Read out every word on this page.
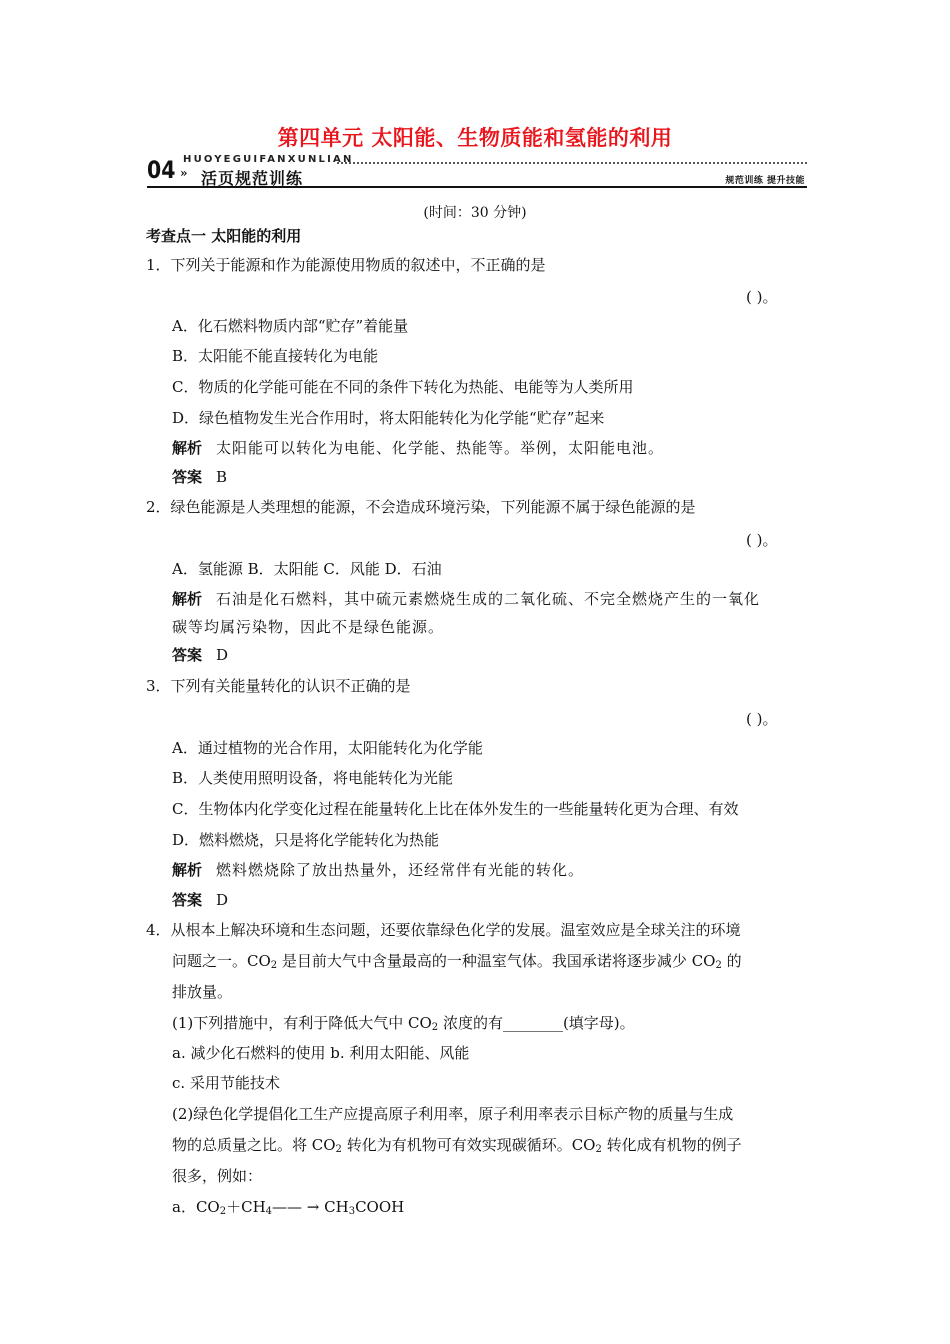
第四单元 太阳能、生物质能和氢能的利用
HUOYEGUIFANXUNLIAN
04 » 活页规范训练	规范训练 提升技能
(时间：30 分钟)
考查点一 太阳能的利用
1．下列关于能源和作为能源使用物质的叙述中，不正确的是
( )。
A．化石燃料物质内部“贮存”着能量
B．太阳能不能直接转化为电能
C．物质的化学能可能在不同的条件下转化为热能、电能等为人类所用
D．绿色植物发生光合作用时，将太阳能转化为化学能“贮存”起来
解析 太阳能可以转化为电能、化学能、热能等。举例，太阳能电池。
答案 B
2．绿色能源是人类理想的能源，不会造成环境污染，下列能源不属于绿色能源的是
( )。
A．氢能源 B．太阳能 C．风能 D．石油
解析 石油是化石燃料，其中硫元素燃烧生成的二氧化硫、不完全燃烧产生的一氧化
碳等均属污染物，因此不是绿色能源。
答案 D
3．下列有关能量转化的认识不正确的是
( )。
A．通过植物的光合作用，太阳能转化为化学能
B．人类使用照明设备，将电能转化为光能
C．生物体内化学变化过程在能量转化上比在体外发生的一些能量转化更为合理、有效
D．燃料燃烧，只是将化学能转化为热能
解析 燃料燃烧除了放出热量外，还经常伴有光能的转化。
答案 D
4．从根本上解决环境和生态问题，还要依靠绿色化学的发展。温室效应是全球关注的环境
问题之一。$CO_2$ 是目前大气中含量最高的一种温室气体。我国承诺将逐步减少 $CO_2$ 的
排放量。
(1)下列措施中，有利于降低大气中 $CO_2$ 浓度的有________(填字母)。
a. 减少化石燃料的使用 b. 利用太阳能、风能
c. 采用节能技术
(2)绿色化学提倡化工生产应提高原子利用率，原子利用率表示目标产物的质量与生成
物的总质量之比。将 $CO_2$ 转化为有机物可有效实现碳循环。$CO_2$ 转化成有机物的例子
很多，例如：
a．$CO_2+CH_4——$ → $CH_3COOH$
